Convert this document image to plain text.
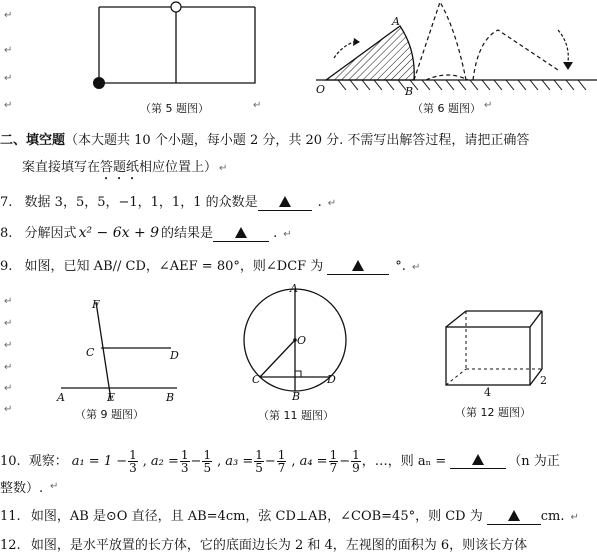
（第 5 题图）
A
O	B
（第 6 题图）
↵
↵
↵
↵
↵
↵
↵
↵
↵
↵
↵	↵
二、填空题（本大题共 10 个小题，每小题 2 分，共 20 分. 不需写出解答过程，请把正确答
案直接填写在答题纸相应位置上） ↵
7. 数据 3，5，5，−1，1，1，1 的众数是	. ↵
8. 分解因式 x² − 6x + 9 的结果是	. ↵
9. 如图，已知 AB// CD，∠AEF = 80°，则∠DCF 为	°. ↵
F
C	D
A	E	B
（第 9 题图）
A
O
C	D
B
（第 11 题图）
4
2
（第 12 题图）
10. 观察： $a_1 = 1 - \frac{1}{3}$ , $a_2 = \frac{1}{3} - \frac{1}{5}$ , $a_3 = \frac{1}{5} - \frac{1}{7}$ , $a_4 = \frac{1}{7} - \frac{1}{9}$ ，…，则 aₙ =	（n 为正
整数）. ↵
11. 如图，AB 是⊙O 直径，且 AB=4cm，弦 CD⊥AB，∠COB=45°，则 CD 为	cm. ↵
12. 如图，是水平放置的长方体，它的底面边长为 2 和 4，左视图的面积为 6，则该长方体
